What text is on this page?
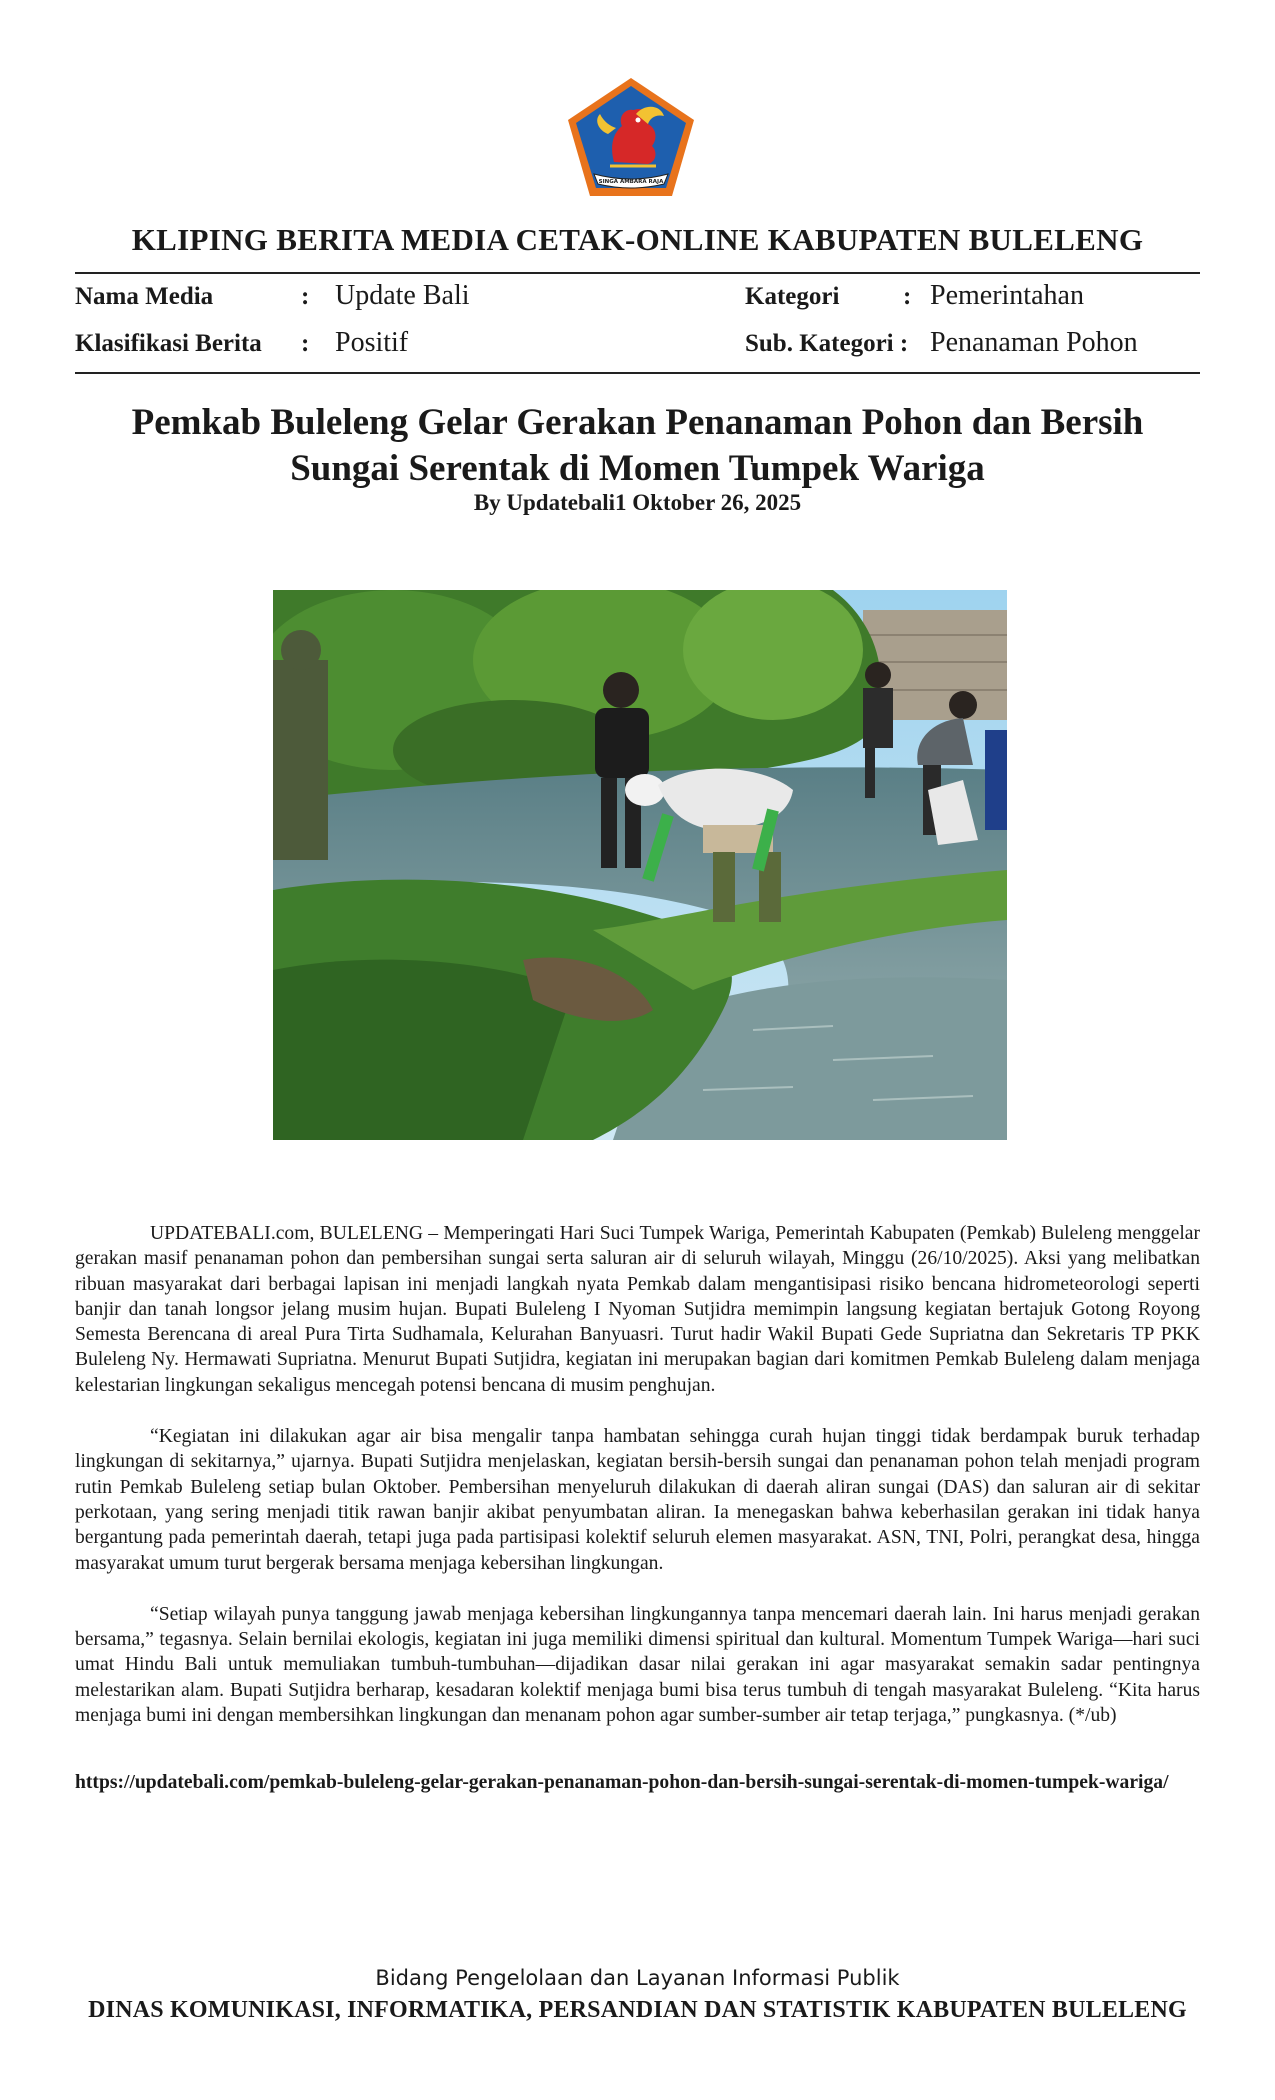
SINGA AMBARA RAJA
KLIPING BERITA MEDIA CETAK-ONLINE KABUPATEN BULELENG
Nama Media	: Update Bali
Klasifikasi Berita : Positif
Kategori	: Pemerintahan
Sub. Kategori : Penanaman Pohon
Pemkab Buleleng Gelar Gerakan Penanaman Pohon dan Bersih Sungai Serentak di Momen Tumpek Wariga
By Updatebali1 Oktober 26, 2025

UPDATEBALI.com, BULELENG – Memperingati Hari Suci Tumpek Wariga, Pemerintah Kabupaten (Pemkab) Buleleng menggelar gerakan masif penanaman pohon dan pembersihan sungai serta saluran air di seluruh wilayah, Minggu (26/10/2025). Aksi yang melibatkan ribuan masyarakat dari berbagai lapisan ini menjadi langkah nyata Pemkab dalam mengantisipasi risiko bencana hidrometeorologi seperti banjir dan tanah longsor jelang musim hujan. Bupati Buleleng I Nyoman Sutjidra memimpin langsung kegiatan bertajuk Gotong Royong Semesta Berencana di areal Pura Tirta Sudhamala, Kelurahan Banyuasri. Turut hadir Wakil Bupati Gede Supriatna dan Sekretaris TP PKK Buleleng Ny. Hermawati Supriatna. Menurut Bupati Sutjidra, kegiatan ini merupakan bagian dari komitmen Pemkab Buleleng dalam menjaga kelestarian lingkungan sekaligus mencegah potensi bencana di musim penghujan.

“Kegiatan ini dilakukan agar air bisa mengalir tanpa hambatan sehingga curah hujan tinggi tidak berdampak buruk terhadap lingkungan di sekitarnya,” ujarnya. Bupati Sutjidra menjelaskan, kegiatan bersih-bersih sungai dan penanaman pohon telah menjadi program rutin Pemkab Buleleng setiap bulan Oktober. Pembersihan menyeluruh dilakukan di daerah aliran sungai (DAS) dan saluran air di sekitar perkotaan, yang sering menjadi titik rawan banjir akibat penyumbatan aliran. Ia menegaskan bahwa keberhasilan gerakan ini tidak hanya bergantung pada pemerintah daerah, tetapi juga pada partisipasi kolektif seluruh elemen masyarakat. ASN, TNI, Polri, perangkat desa, hingga masyarakat umum turut bergerak bersama menjaga kebersihan lingkungan.

“Setiap wilayah punya tanggung jawab menjaga kebersihan lingkungannya tanpa mencemari daerah lain. Ini harus menjadi gerakan bersama,” tegasnya. Selain bernilai ekologis, kegiatan ini juga memiliki dimensi spiritual dan kultural. Momentum Tumpek Wariga—hari suci umat Hindu Bali untuk memuliakan tumbuh-tumbuhan—dijadikan dasar nilai gerakan ini agar masyarakat semakin sadar pentingnya melestarikan alam. Bupati Sutjidra berharap, kesadaran kolektif menjaga bumi bisa terus tumbuh di tengah masyarakat Buleleng. “Kita harus menjaga bumi ini dengan membersihkan lingkungan dan menanam pohon agar sumber-sumber air tetap terjaga,” pungkasnya. (*/ub)

https://updatebali.com/pemkab-buleleng-gelar-gerakan-penanaman-pohon-dan-bersih-sungai-serentak-di-momen-tumpek-wariga/
Bidang Pengelolaan dan Layanan Informasi Publik
DINAS KOMUNIKASI, INFORMATIKA, PERSANDIAN DAN STATISTIK KABUPATEN BULELENG
